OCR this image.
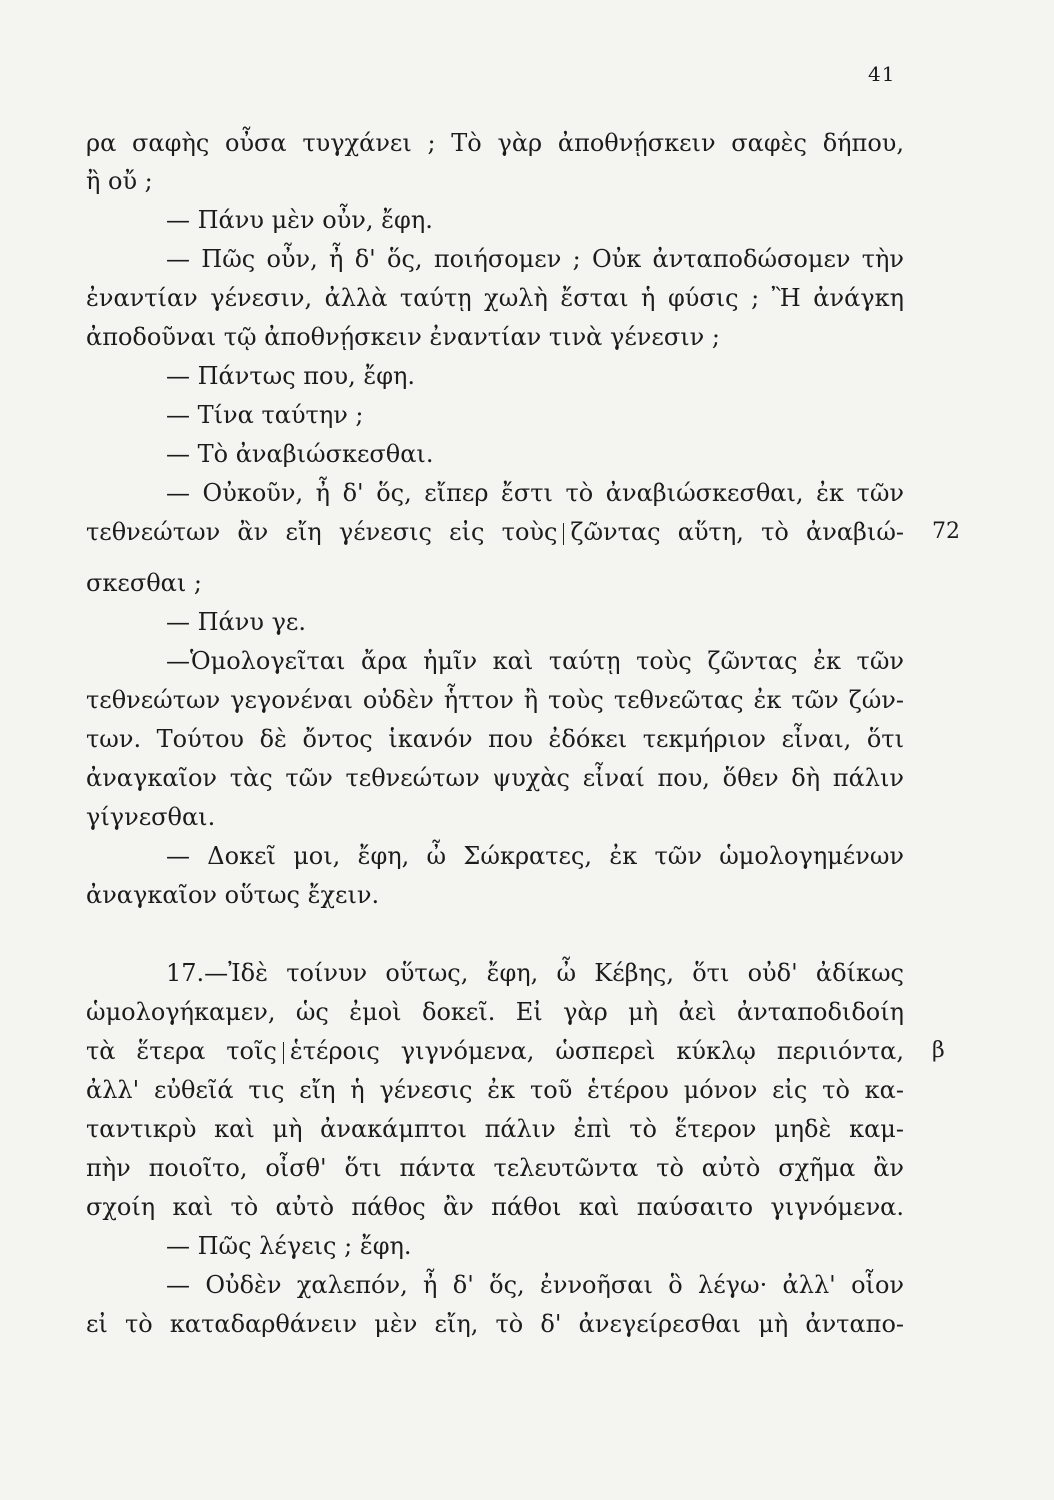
41
ρα σαφὴς οὖσα τυγχάνει ; Τὸ γὰρ ἀποθνῄσκειν σαφὲς δήπου,
ἢ οὔ ;
— Πάνυ μὲν οὖν, ἔφη.
— Πῶς οὖν, ἦ δ' ὅς, ποιήσομεν ; Οὐκ ἀνταποδώσομεν τὴν
ἐναντίαν γένεσιν, ἀλλὰ ταύτῃ χωλὴ ἔσται ἡ φύσις ; Ἢ ἀνάγκη
ἀποδοῦναι τῷ ἀποθνῄσκειν ἐναντίαν τινὰ γένεσιν ;
— Πάντως που, ἔφη.
— Τίνα ταύτην ;
— Τὸ ἀναβιώσκεσθαι.
— Οὐκοῦν, ἦ δ' ὅς, εἴπερ ἔστι τὸ ἀναβιώσκεσθαι, ἐκ τῶν
τεθνεώτων ἂν εἴη γένεσις εἰς τοὺς ζῶντας αὕτη, τὸ ἀναβιώ- 72
σκεσθαι ;
— Πάνυ γε.
—Ὁμολογεῖται ἄρα ἡμῖν καὶ ταύτῃ τοὺς ζῶντας ἐκ τῶν
τεθνεώτων γεγονέναι οὐδὲν ἧττον ἢ τοὺς τεθνεῶτας ἐκ τῶν ζών-
των. Τούτου δὲ ὄντος ἱκανόν που ἐδόκει τεκμήριον εἶναι, ὅτι
ἀναγκαῖον τὰς τῶν τεθνεώτων ψυχὰς εἶναί που, ὅθεν δὴ πάλιν
γίγνεσθαι.
— Δοκεῖ μοι, ἔφη, ὦ Σώκρατες, ἐκ τῶν ὡμολογημένων
ἀναγκαῖον οὕτως ἔχειν.
17.—Ἰδὲ τοίνυν οὕτως, ἔφη, ὦ Κέβης, ὅτι οὐδ' ἀδίκως
ὡμολογήκαμεν, ὡς ἐμοὶ δοκεῖ. Εἰ γὰρ μὴ ἀεὶ ἀνταποδιδοίη
τὰ ἕτερα τοῖς ἑτέροις γιγνόμενα, ὡσπερεὶ κύκλῳ περιιόντα, β
ἀλλ' εὐθεῖά τις εἴη ἡ γένεσις ἐκ τοῦ ἑτέρου μόνον εἰς τὸ κα-
ταντικρὺ καὶ μὴ ἀνακάμπτοι πάλιν ἐπὶ τὸ ἕτερον μηδὲ καμ-
πὴν ποιοῖτο, οἶσθ' ὅτι πάντα τελευτῶντα τὸ αὐτὸ σχῆμα ἂν
σχοίη καὶ τὸ αὐτὸ πάθος ἂν πάθοι καὶ παύσαιτο γιγνόμενα.
— Πῶς λέγεις ; ἔφη.
— Οὐδὲν χαλεπόν, ἦ δ' ὅς, ἐννοῆσαι ὃ λέγω· ἀλλ' οἷον
εἰ τὸ καταδαρθάνειν μὲν εἴη, τὸ δ' ἀνεγείρεσθαι μὴ ἀνταπο-
